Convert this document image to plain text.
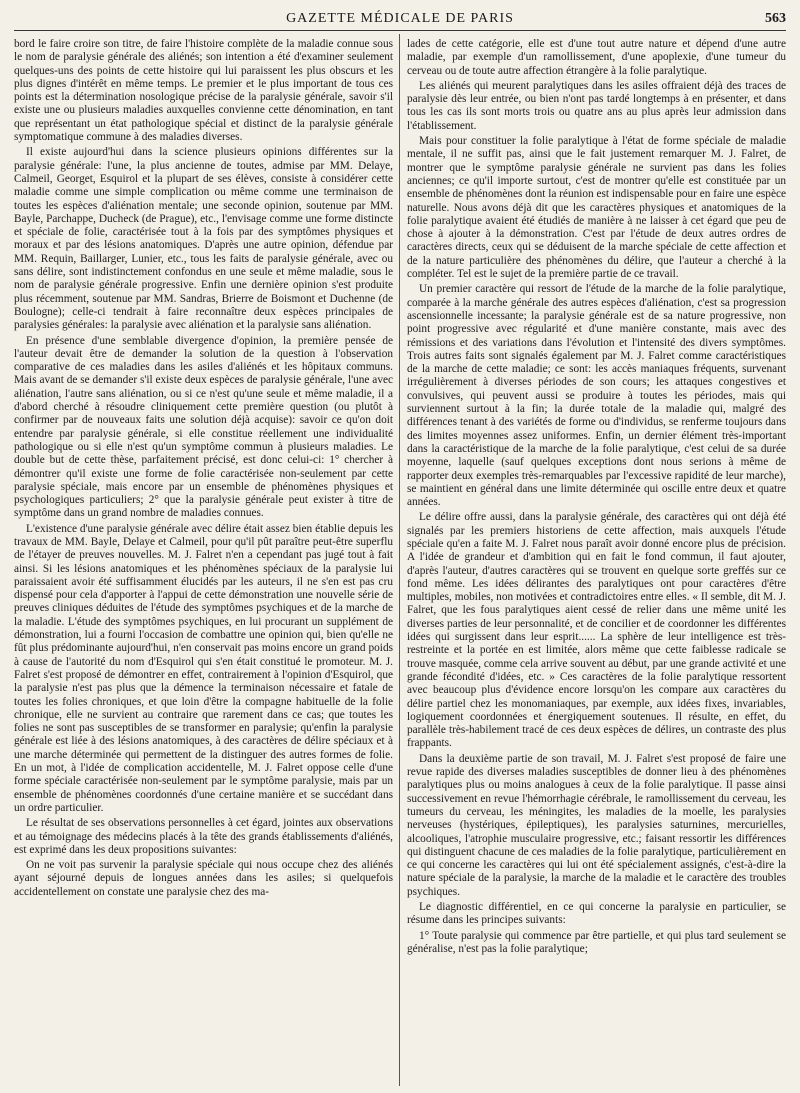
GAZETTE MÉDICALE DE PARIS	563

bord le faire croire son titre, de faire l'histoire complète de la maladie connue sous le nom de paralysie générale des aliénés; son intention a été d'examiner seulement quelques-uns des points de cette histoire qui lui paraissent les plus obscurs et les plus dignes d'intérêt en même temps. Le premier et le plus important de tous ces points est la détermination nosologique précise de la paralysie générale, savoir s'il existe une ou plusieurs maladies auxquelles convienne cette dénomination, en tant que représentant un état pathologique spécial et distinct de la paralysie générale symptomatique commune à des maladies diverses.

Il existe aujourd'hui dans la science plusieurs opinions différentes sur la paralysie générale: l'une, la plus ancienne de toutes, admise par MM. Delaye, Calmeil, Georget, Esquirol et la plupart de ses élèves, consiste à considérer cette maladie comme une simple complication ou même comme une terminaison de toutes les espèces d'aliénation mentale; une seconde opinion, soutenue par MM. Bayle, Parchappe, Ducheck (de Prague), etc., l'envisage comme une forme distincte et spéciale de folie, caractérisée tout à la fois par des symptômes physiques et moraux et par des lésions anatomiques. D'après une autre opinion, défendue par MM. Requin, Baillarger, Lunier, etc., tous les faits de paralysie générale, avec ou sans délire, sont indistinctement confondus en une seule et même maladie, sous le nom de paralysie générale progressive. Enfin une dernière opinion s'est produite plus récemment, soutenue par MM. Sandras, Brierre de Boismont et Duchenne (de Boulogne); celle-ci tendrait à faire reconnaître deux espèces principales de paralysies générales: la paralysie avec aliénation et la paralysie sans aliénation.

En présence d'une semblable divergence d'opinion, la première pensée de l'auteur devait être de demander la solution de la question à l'observation comparative de ces maladies dans les asiles d'aliénés et les hôpitaux communs. Mais avant de se demander s'il existe deux espèces de paralysie générale, l'une avec aliénation, l'autre sans aliénation, ou si ce n'est qu'une seule et même maladie, il a d'abord cherché à résoudre cliniquement cette première question (ou plutôt à confirmer par de nouveaux faits une solution déjà acquise): savoir ce qu'on doit entendre par paralysie générale, si elle constitue réellement une individualité pathologique ou si elle n'est qu'un symptôme commun à plusieurs maladies. Le double but de cette thèse, parfaitement précisé, est donc celui-ci: 1° chercher à démontrer qu'il existe une forme de folie caractérisée non-seulement par cette paralysie spéciale, mais encore par un ensemble de phénomènes physiques et psychologiques particuliers; 2° que la paralysie générale peut exister à titre de symptôme dans un grand nombre de maladies connues.

L'existence d'une paralysie générale avec délire était assez bien établie depuis les travaux de MM. Bayle, Delaye et Calmeil, pour qu'il pût paraître peut-être superflu de l'étayer de preuves nouvelles. M. J. Falret n'en a cependant pas jugé tout à fait ainsi. Si les lésions anatomiques et les phénomènes spéciaux de la paralysie lui paraissaient avoir été suffisamment élucidés par les auteurs, il ne s'en est pas cru dispensé pour cela d'apporter à l'appui de cette démonstration une nouvelle série de preuves cliniques déduites de l'étude des symptômes psychiques et de la marche de la maladie. L'étude des symptômes psychiques, en lui procurant un supplément de démonstration, lui a fourni l'occasion de combattre une opinion qui, bien qu'elle ne fût plus prédominante aujourd'hui, n'en conservait pas moins encore un grand poids à cause de l'autorité du nom d'Esquirol qui s'en était constitué le promoteur. M. J. Falret s'est proposé de démontrer en effet, contrairement à l'opinion d'Esquirol, que la paralysie n'est pas plus que la démence la terminaison nécessaire et fatale de toutes les folies chroniques, et que loin d'être la compagne habituelle de la folie chronique, elle ne survient au contraire que rarement dans ce cas; que toutes les folies ne sont pas susceptibles de se transformer en paralysie; qu'enfin la paralysie générale est liée à des lésions anatomiques, à des caractères de délire spéciaux et à une marche déterminée qui permettent de la distinguer des autres formes de folie. En un mot, à l'idée de complication accidentelle, M. J. Falret oppose celle d'une forme spéciale caractérisée non-seulement par le symptôme paralysie, mais par un ensemble de phénomènes coordonnés d'une certaine manière et se succédant dans un ordre particulier.

Le résultat de ses observations personnelles à cet égard, jointes aux observations et au témoignage des médecins placés à la tête des grands établissements d'aliénés, est exprimé dans les deux propositions suivantes:

On ne voit pas survenir la paralysie spéciale qui nous occupe chez des aliénés ayant séjourné depuis de longues années dans les asiles; si quelquefois accidentellement on constate une paralysie chez des ma-

lades de cette catégorie, elle est d'une tout autre nature et dépend d'une autre maladie, par exemple d'un ramollissement, d'une apoplexie, d'une tumeur du cerveau ou de toute autre affection étrangère à la folie paralytique.

Les aliénés qui meurent paralytiques dans les asiles offraient déjà des traces de paralysie dès leur entrée, ou bien n'ont pas tardé longtemps à en présenter, et dans tous les cas ils sont morts trois ou quatre ans au plus après leur admission dans l'établissement.

Mais pour constituer la folie paralytique à l'état de forme spéciale de maladie mentale, il ne suffit pas, ainsi que le fait justement remarquer M. J. Falret, de montrer que le symptôme paralysie générale ne survient pas dans les folies anciennes; ce qu'il importe surtout, c'est de montrer qu'elle est constituée par un ensemble de phénomènes dont la réunion est indispensable pour en faire une espèce naturelle. Nous avons déjà dit que les caractères physiques et anatomiques de la folie paralytique avaient été étudiés de manière à ne laisser à cet égard que peu de chose à ajouter à la démonstration. C'est par l'étude de deux autres ordres de caractères directs, ceux qui se déduisent de la marche spéciale de cette affection et de la nature particulière des phénomènes du délire, que l'auteur a cherché à la compléter. Tel est le sujet de la première partie de ce travail.

Un premier caractère qui ressort de l'étude de la marche de la folie paralytique, comparée à la marche générale des autres espèces d'aliénation, c'est sa progression ascensionnelle incessante; la paralysie générale est de sa nature progressive, non point progressive avec régularité et d'une manière constante, mais avec des rémissions et des variations dans l'évolution et l'intensité des divers symptômes. Trois autres faits sont signalés également par M. J. Falret comme caractéristiques de la marche de cette maladie; ce sont: les accès maniaques fréquents, survenant irrégulièrement à diverses périodes de son cours; les attaques congestives et convulsives, qui peuvent aussi se produire à toutes les périodes, mais qui surviennent surtout à la fin; la durée totale de la maladie qui, malgré des différences tenant à des variétés de forme ou d'individus, se renferme toujours dans des limites moyennes assez uniformes. Enfin, un dernier élément très-important dans la caractéristique de la marche de la folie paralytique, c'est celui de sa durée moyenne, laquelle (sauf quelques exceptions dont nous serions à même de rapporter deux exemples très-remarquables par l'excessive rapidité de leur marche), se maintient en général dans une limite déterminée qui oscille entre deux et quatre années.

Le délire offre aussi, dans la paralysie générale, des caractères qui ont déjà été signalés par les premiers historiens de cette affection, mais auxquels l'étude spéciale qu'en a faite M. J. Falret nous paraît avoir donné encore plus de précision. A l'idée de grandeur et d'ambition qui en fait le fond commun, il faut ajouter, d'après l'auteur, d'autres caractères qui se trouvent en quelque sorte greffés sur ce fond même. Les idées délirantes des paralytiques ont pour caractères d'être multiples, mobiles, non motivées et contradictoires entre elles. « Il semble, dit M. J. Falret, que les fous paralytiques aient cessé de relier dans une même unité les diverses parties de leur personnalité, et de concilier et de coordonner les différentes idées qui surgissent dans leur esprit...... La sphère de leur intelligence est très-restreinte et la portée en est limitée, alors même que cette faiblesse radicale se trouve masquée, comme cela arrive souvent au début, par une grande activité et une grande fécondité d'idées, etc. » Ces caractères de la folie paralytique ressortent avec beaucoup plus d'évidence encore lorsqu'on les compare aux caractères du délire partiel chez les monomaniaques, par exemple, aux idées fixes, invariables, logiquement coordonnées et énergiquement soutenues. Il résulte, en effet, du parallèle très-habilement tracé de ces deux espèces de délires, un contraste des plus frappants.

Dans la deuxième partie de son travail, M. J. Falret s'est proposé de faire une revue rapide des diverses maladies susceptibles de donner lieu à des phénomènes paralytiques plus ou moins analogues à ceux de la folie paralytique. Il passe ainsi successivement en revue l'hémorrhagie cérébrale, le ramollissement du cerveau, les tumeurs du cerveau, les méningites, les maladies de la moelle, les paralysies nerveuses (hystériques, épileptiques), les paralysies saturnines, mercurielles, alcooliques, l'atrophie musculaire progressive, etc.; faisant ressortir les différences qui distinguent chacune de ces maladies de la folie paralytique, particulièrement en ce qui concerne les caractères qui lui ont été spécialement assignés, c'est-à-dire la nature spéciale de la paralysie, la marche de la maladie et le caractère des troubles psychiques.

Le diagnostic différentiel, en ce qui concerne la paralysie en particulier, se résume dans les principes suivants:

1° Toute paralysie qui commence par être partielle, et qui plus tard seulement se généralise, n'est pas la folie paralytique;
